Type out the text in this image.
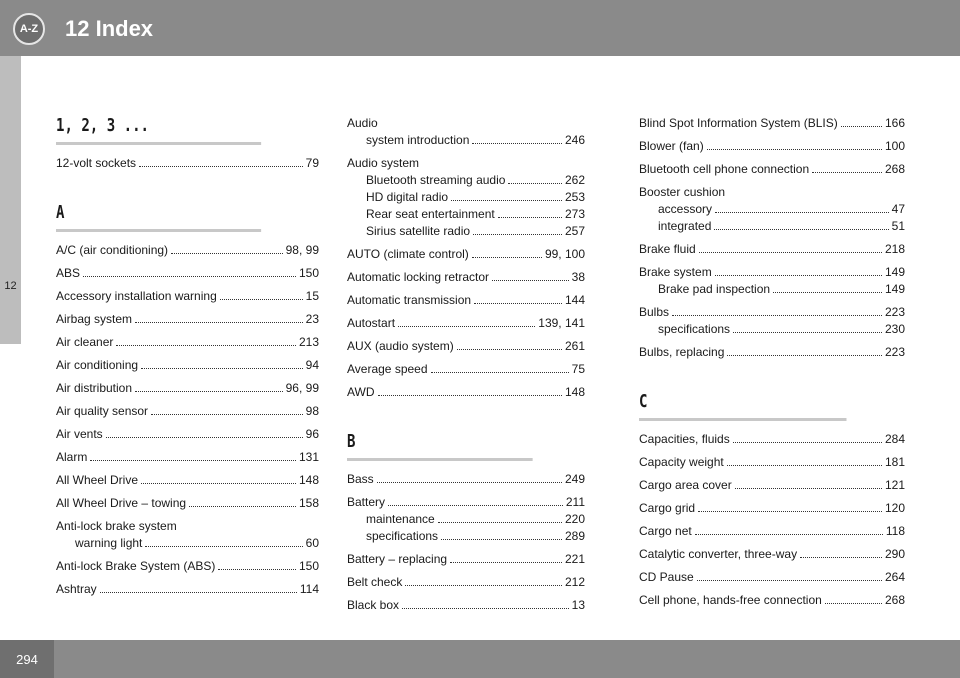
A-Z	12 Index
12
1, 2, 3 ...
12-volt sockets	79
A
A/C (air conditioning)	98, 99
ABS	150
Accessory installation warning	15
Airbag system	23
Air cleaner	213
Air conditioning	94
Air distribution	96, 99
Air quality sensor	98
Air vents	96
Alarm	131
All Wheel Drive	148
All Wheel Drive – towing	158
Anti-lock brake system
warning light	60
Anti-lock Brake System (ABS)	150
Ashtray	114
Audio
system introduction	246
Audio system
Bluetooth streaming audio	262
HD digital radio	253
Rear seat entertainment	273
Sirius satellite radio	257
AUTO (climate control)	99, 100
Automatic locking retractor	38
Automatic transmission	144
Autostart	139, 141
AUX (audio system)	261
Average speed	75
AWD	148
B
Bass	249
Battery	211
maintenance	220
specifications	289
Battery – replacing	221
Belt check	212
Black box	13
Blind Spot Information System (BLIS)	166
Blower (fan)	100
Bluetooth cell phone connection	268
Booster cushion
accessory	47
integrated	51
Brake fluid	218
Brake system	149
Brake pad inspection	149
Bulbs	223
specifications	230
Bulbs, replacing	223
C
Capacities, fluids	284
Capacity weight	181
Cargo area cover	121
Cargo grid	120
Cargo net	118
Catalytic converter, three-way	290
CD Pause	264
Cell phone, hands-free connection	268
294
